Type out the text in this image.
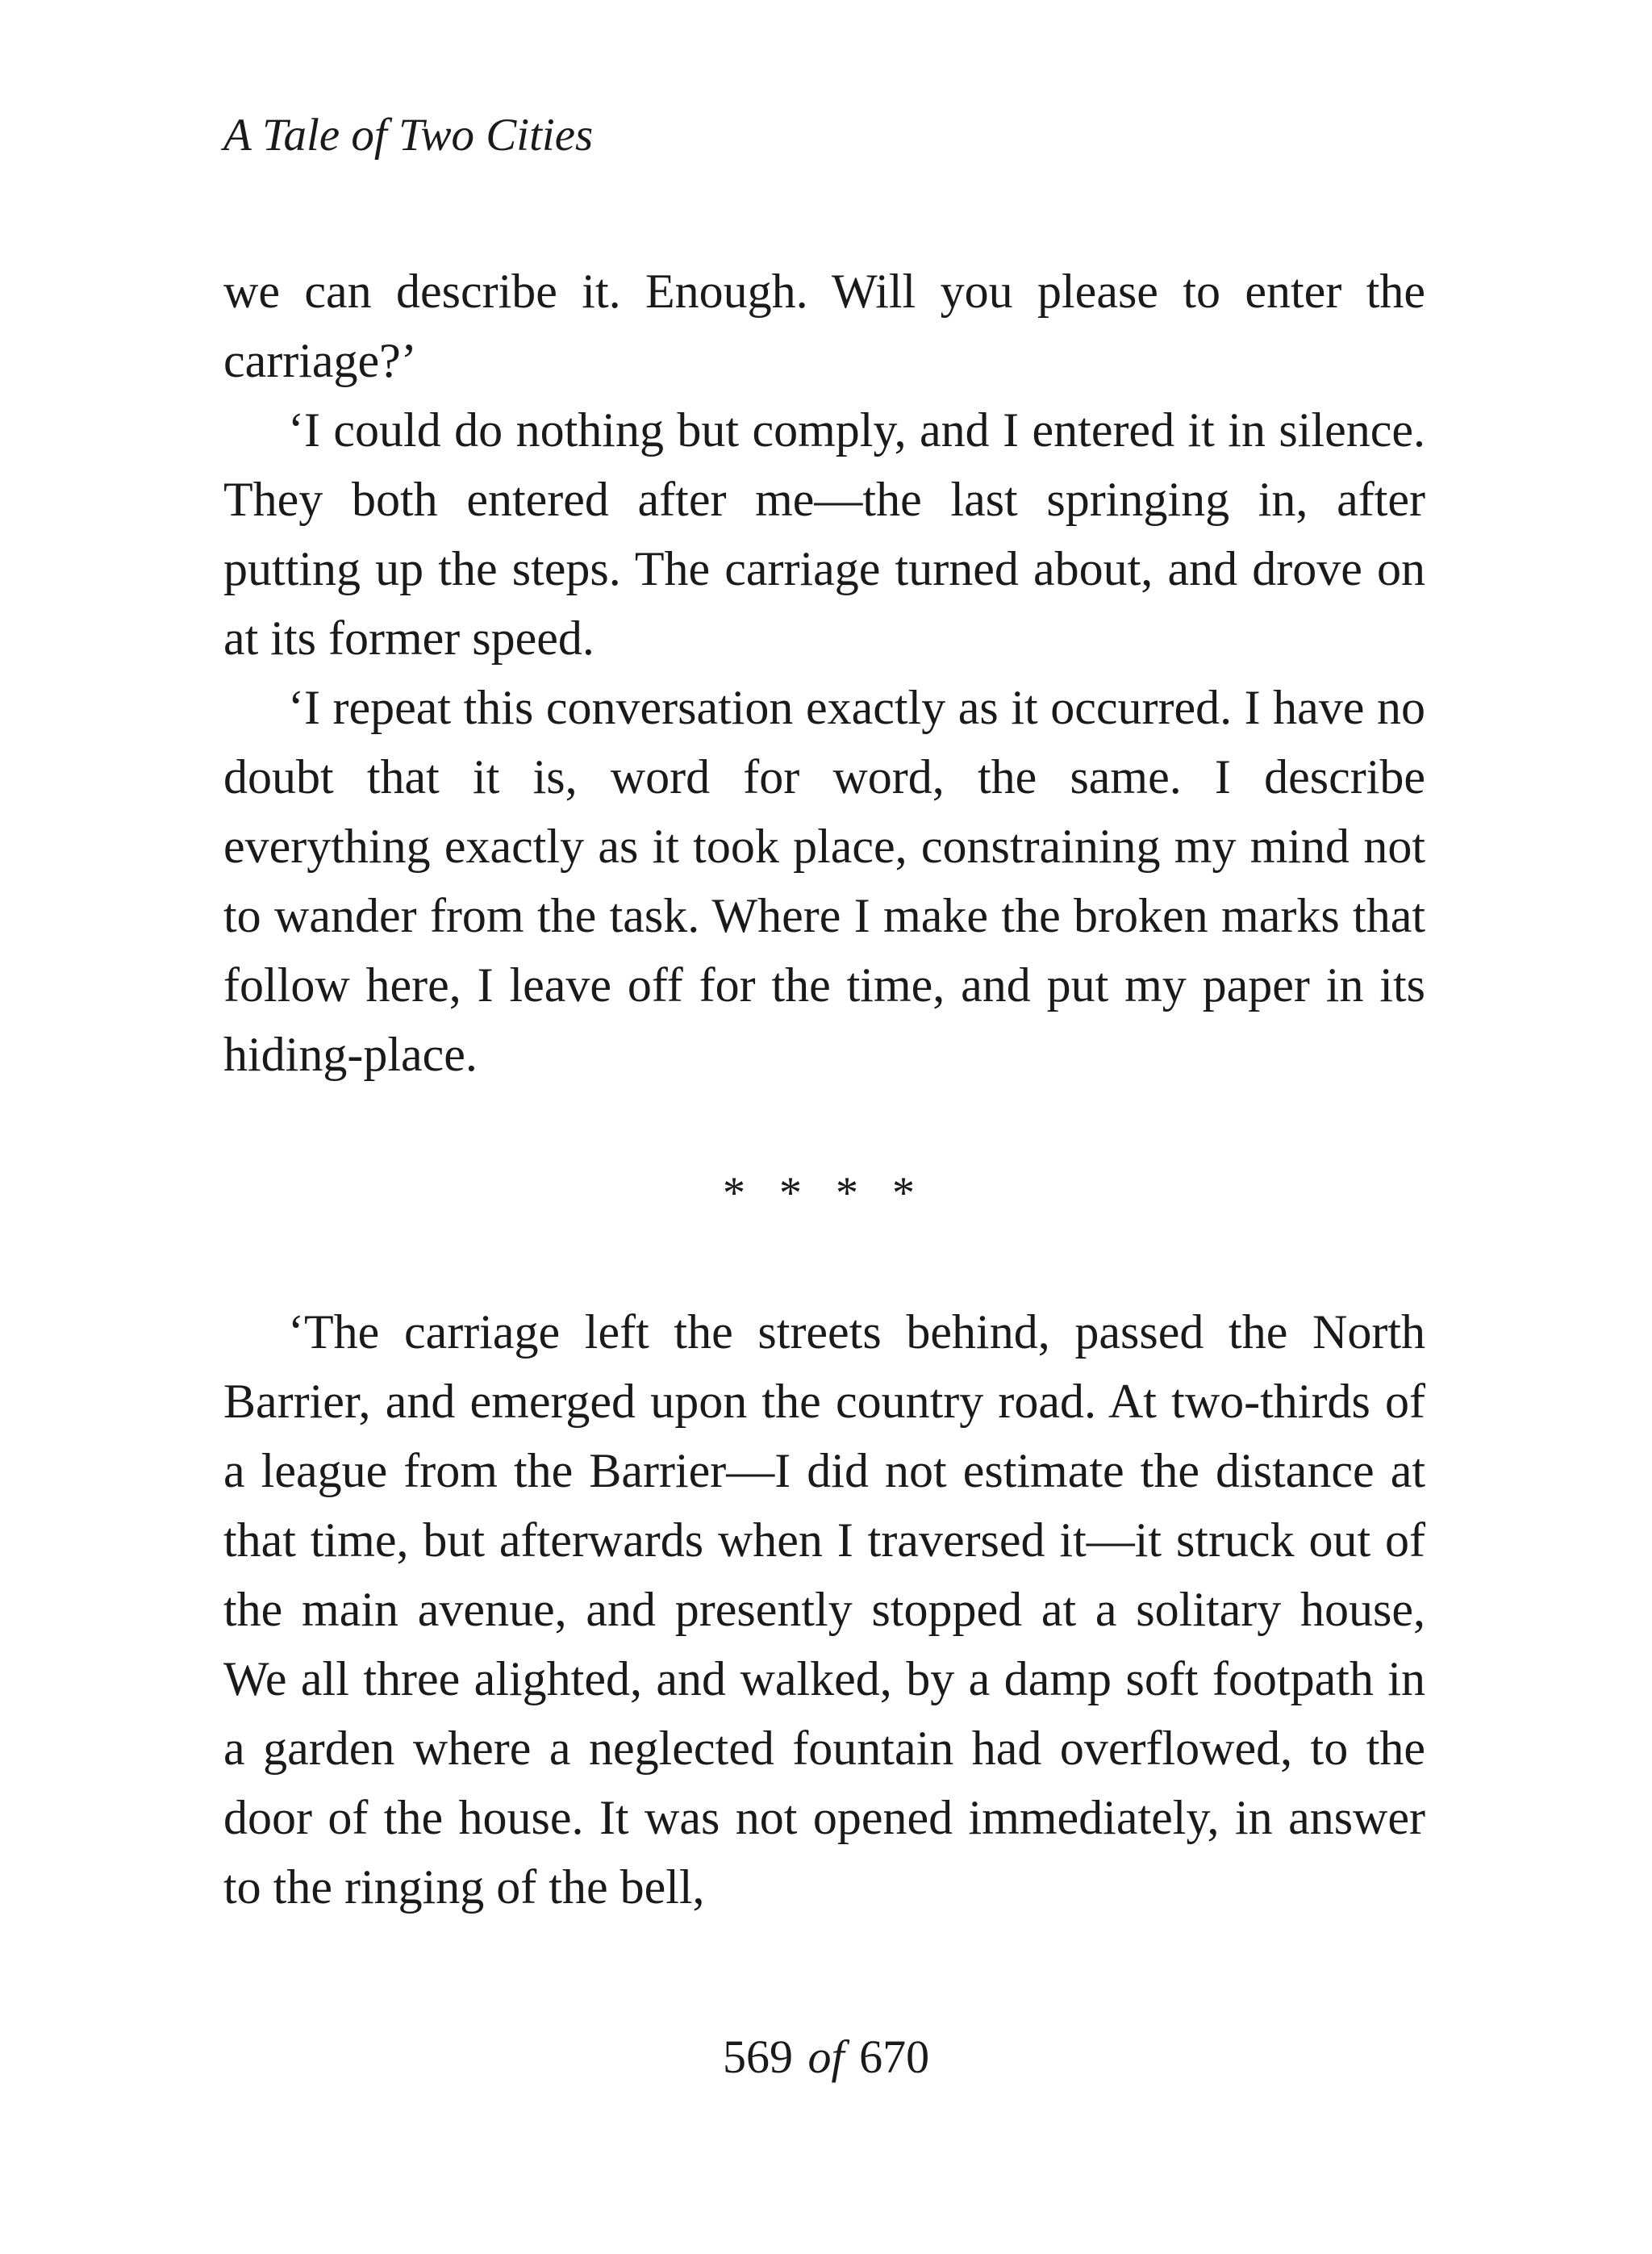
A Tale of Two Cities

we can describe it. Enough. Will you please to enter the carriage?’

‘I could do nothing but comply, and I entered it in silence. They both entered after me—the last springing in, after putting up the steps. The carriage turned about, and drove on at its former speed.

‘I repeat this conversation exactly as it occurred. I have no doubt that it is, word for word, the same. I describe everything exactly as it took place, constraining my mind not to wander from the task. Where I make the broken marks that follow here, I leave off for the time, and put my paper in its hiding-place.

* * * *

‘The carriage left the streets behind, passed the North Barrier, and emerged upon the country road. At two-thirds of a league from the Barrier—I did not estimate the distance at that time, but afterwards when I traversed it—it struck out of the main avenue, and presently stopped at a solitary house, We all three alighted, and walked, by a damp soft footpath in a garden where a neglected fountain had overflowed, to the door of the house. It was not opened immediately, in answer to the ringing of the bell,

569 of 670
